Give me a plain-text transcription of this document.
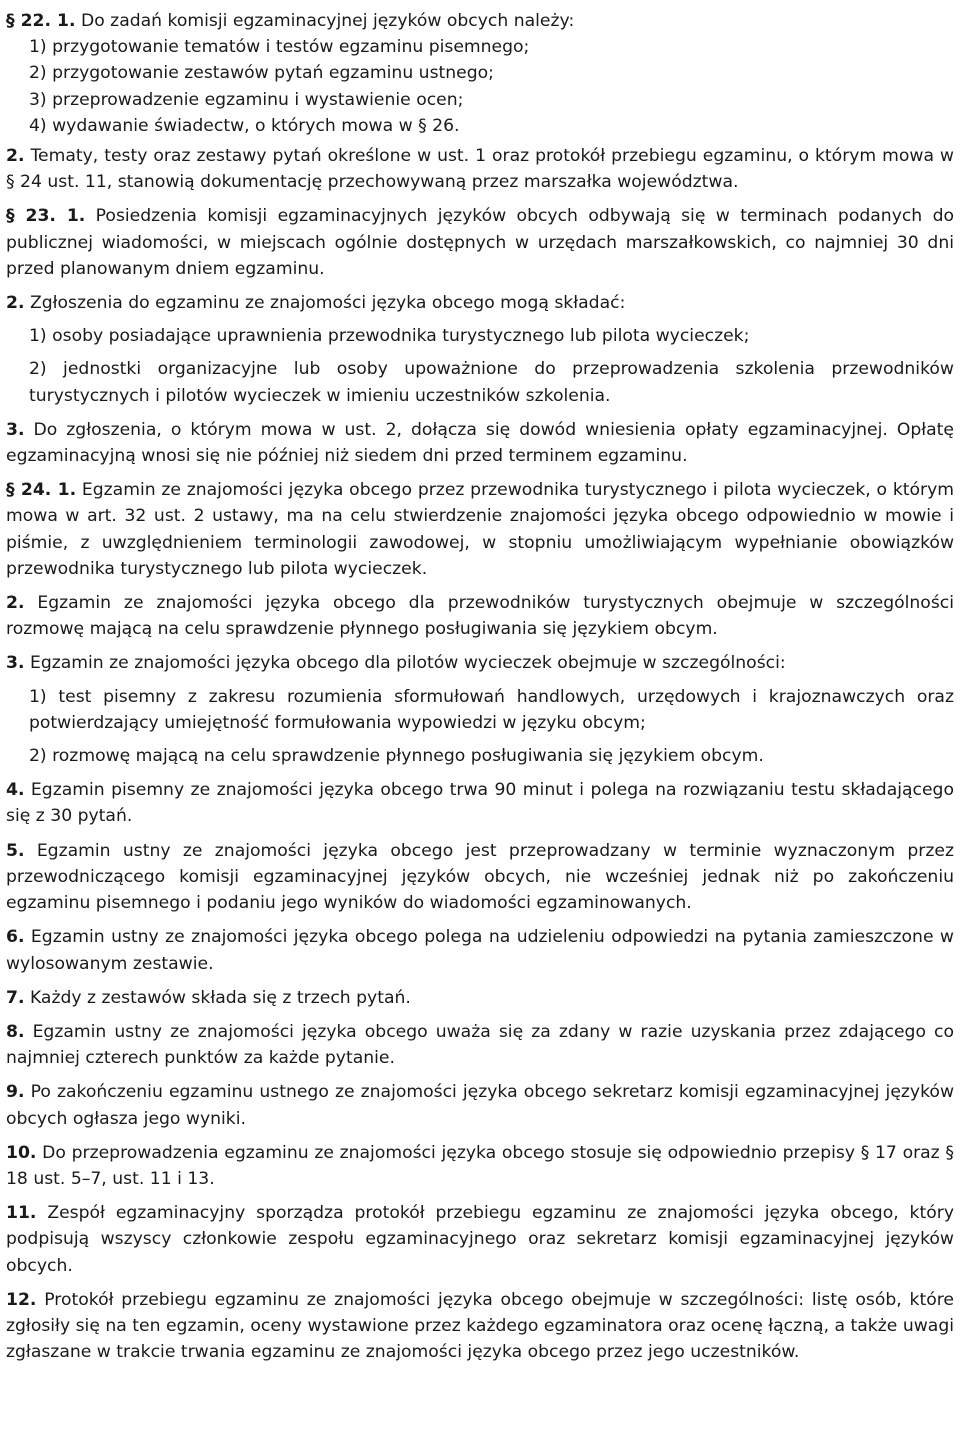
§ 22. 1. Do zadań komisji egzaminacyjnej języków obcych należy:
1) przygotowanie tematów i testów egzaminu pisemnego;
2) przygotowanie zestawów pytań egzaminu ustnego;
3) przeprowadzenie egzaminu i wystawienie ocen;
4) wydawanie świadectw, o których mowa w § 26.
2. Tematy, testy oraz zestawy pytań określone w ust. 1 oraz protokół przebiegu egzaminu, o którym mowa w § 24 ust. 11, stanowią dokumentację przechowywaną przez marszałka województwa.
§ 23. 1. Posiedzenia komisji egzaminacyjnych języków obcych odbywają się w terminach podanych do publicznej wiadomości, w miejscach ogólnie dostępnych w urzędach marszałkowskich, co najmniej 30 dni przed planowanym dniem egzaminu.
2. Zgłoszenia do egzaminu ze znajomości języka obcego mogą składać:
1) osoby posiadające uprawnienia przewodnika turystycznego lub pilota wycieczek;
2) jednostki organizacyjne lub osoby upoważnione do przeprowadzenia szkolenia przewodników turystycznych i pilotów wycieczek w imieniu uczestników szkolenia.
3. Do zgłoszenia, o którym mowa w ust. 2, dołącza się dowód wniesienia opłaty egzaminacyjnej. Opłatę egzaminacyjną wnosi się nie później niż siedem dni przed terminem egzaminu.
§ 24. 1. Egzamin ze znajomości języka obcego przez przewodnika turystycznego i pilota wycieczek, o którym mowa w art. 32 ust. 2 ustawy, ma na celu stwierdzenie znajomości języka obcego odpowiednio w mowie i piśmie, z uwzględnieniem terminologii zawodowej, w stopniu umożliwiającym wypełnianie obowiązków przewodnika turystycznego lub pilota wycieczek.
2. Egzamin ze znajomości języka obcego dla przewodników turystycznych obejmuje w szczególności rozmowę mającą na celu sprawdzenie płynnego posługiwania się językiem obcym.
3. Egzamin ze znajomości języka obcego dla pilotów wycieczek obejmuje w szczególności:
1) test pisemny z zakresu rozumienia sformułowań handlowych, urzędowych i krajoznawczych oraz potwierdzający umiejętność formułowania wypowiedzi w języku obcym;
2) rozmowę mającą na celu sprawdzenie płynnego posługiwania się językiem obcym.
4. Egzamin pisemny ze znajomości języka obcego trwa 90 minut i polega na rozwiązaniu testu składającego się z 30 pytań.
5. Egzamin ustny ze znajomości języka obcego jest przeprowadzany w terminie wyznaczonym przez przewodniczącego komisji egzaminacyjnej języków obcych, nie wcześniej jednak niż po zakończeniu egzaminu pisemnego i podaniu jego wyników do wiadomości egzaminowanych.
6. Egzamin ustny ze znajomości języka obcego polega na udzieleniu odpowiedzi na pytania zamieszczone w wylosowanym zestawie.
7. Każdy z zestawów składa się z trzech pytań.
8. Egzamin ustny ze znajomości języka obcego uważa się za zdany w razie uzyskania przez zdającego co najmniej czterech punktów za każde pytanie.
9. Po zakończeniu egzaminu ustnego ze znajomości języka obcego sekretarz komisji egzaminacyjnej języków obcych ogłasza jego wyniki.
10. Do przeprowadzenia egzaminu ze znajomości języka obcego stosuje się odpowiednio przepisy § 17 oraz § 18 ust. 5–7, ust. 11 i 13.
11. Zespół egzaminacyjny sporządza protokół przebiegu egzaminu ze znajomości języka obcego, który podpisują wszyscy członkowie zespołu egzaminacyjnego oraz sekretarz komisji egzaminacyjnej języków obcych.
12. Protokół przebiegu egzaminu ze znajomości języka obcego obejmuje w szczególności: listę osób, które zgłosiły się na ten egzamin, oceny wystawione przez każdego egzaminatora oraz ocenę łączną, a także uwagi zgłaszane w trakcie trwania egzaminu ze znajomości języka obcego przez jego uczestników.
